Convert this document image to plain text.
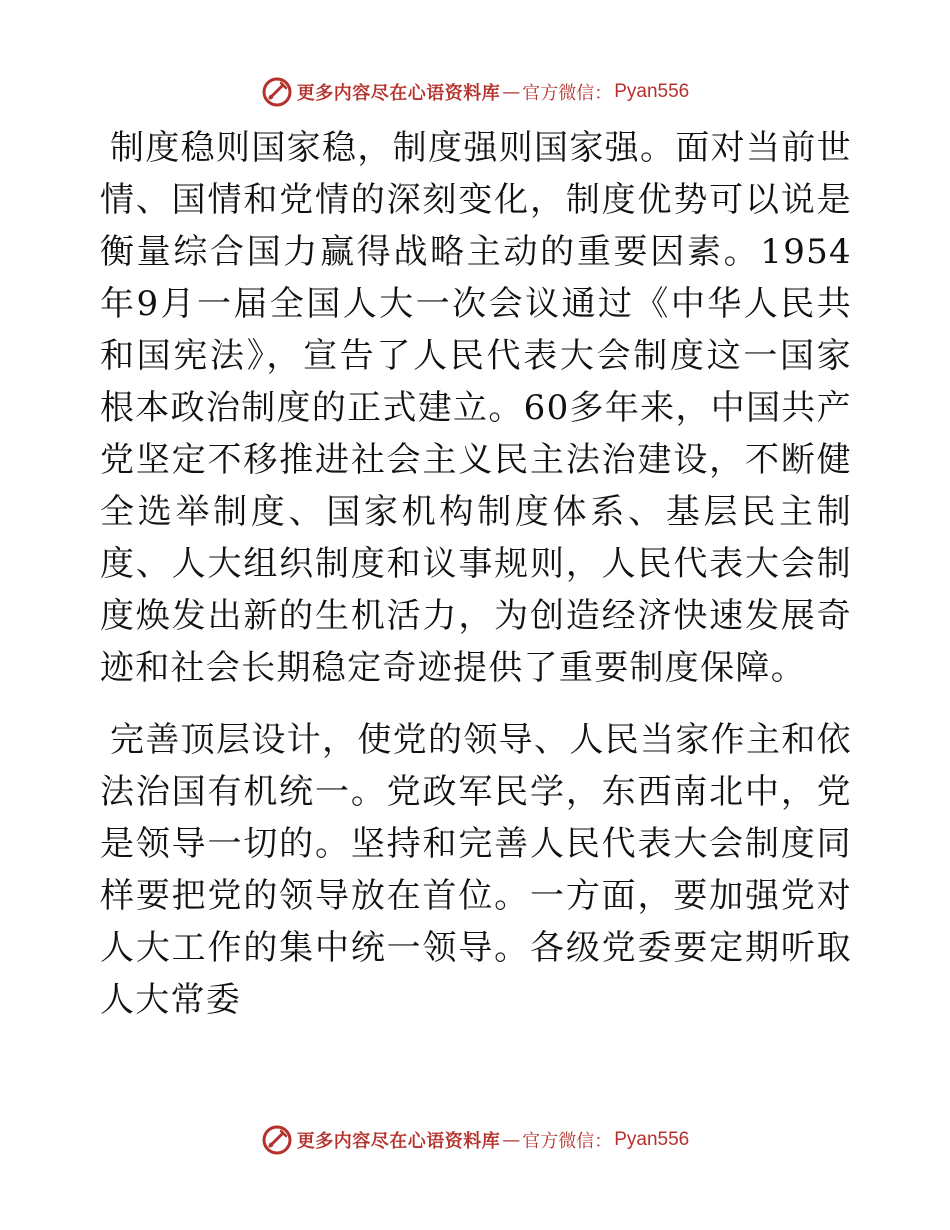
更多内容尽在心语资料库 — 官方微信： Pyan556

制度稳则国家稳，制度强则国家强。面对当前世情、国情和党情的深刻变化，制度优势可以说是衡量综合国力赢得战略主动的重要因素。1954年9月一届全国人大一次会议通过《中华人民共和国宪法》，宣告了人民代表大会制度这一国家根本政治制度的正式建立。60多年来，中国共产党坚定不移推进社会主义民主法治建设，不断健全选举制度、国家机构制度体系、基层民主制度、人大组织制度和议事规则，人民代表大会制度焕发出新的生机活力，为创造经济快速发展奇迹和社会长期稳定奇迹提供了重要制度保障。

完善顶层设计，使党的领导、人民当家作主和依法治国有机统一。党政军民学，东西南北中，党是领导一切的。坚持和完善人民代表大会制度同样要把党的领导放在首位。一方面，要加强党对人大工作的集中统一领导。各级党委要定期听取人大常委

更多内容尽在心语资料库 — 官方微信： Pyan556
